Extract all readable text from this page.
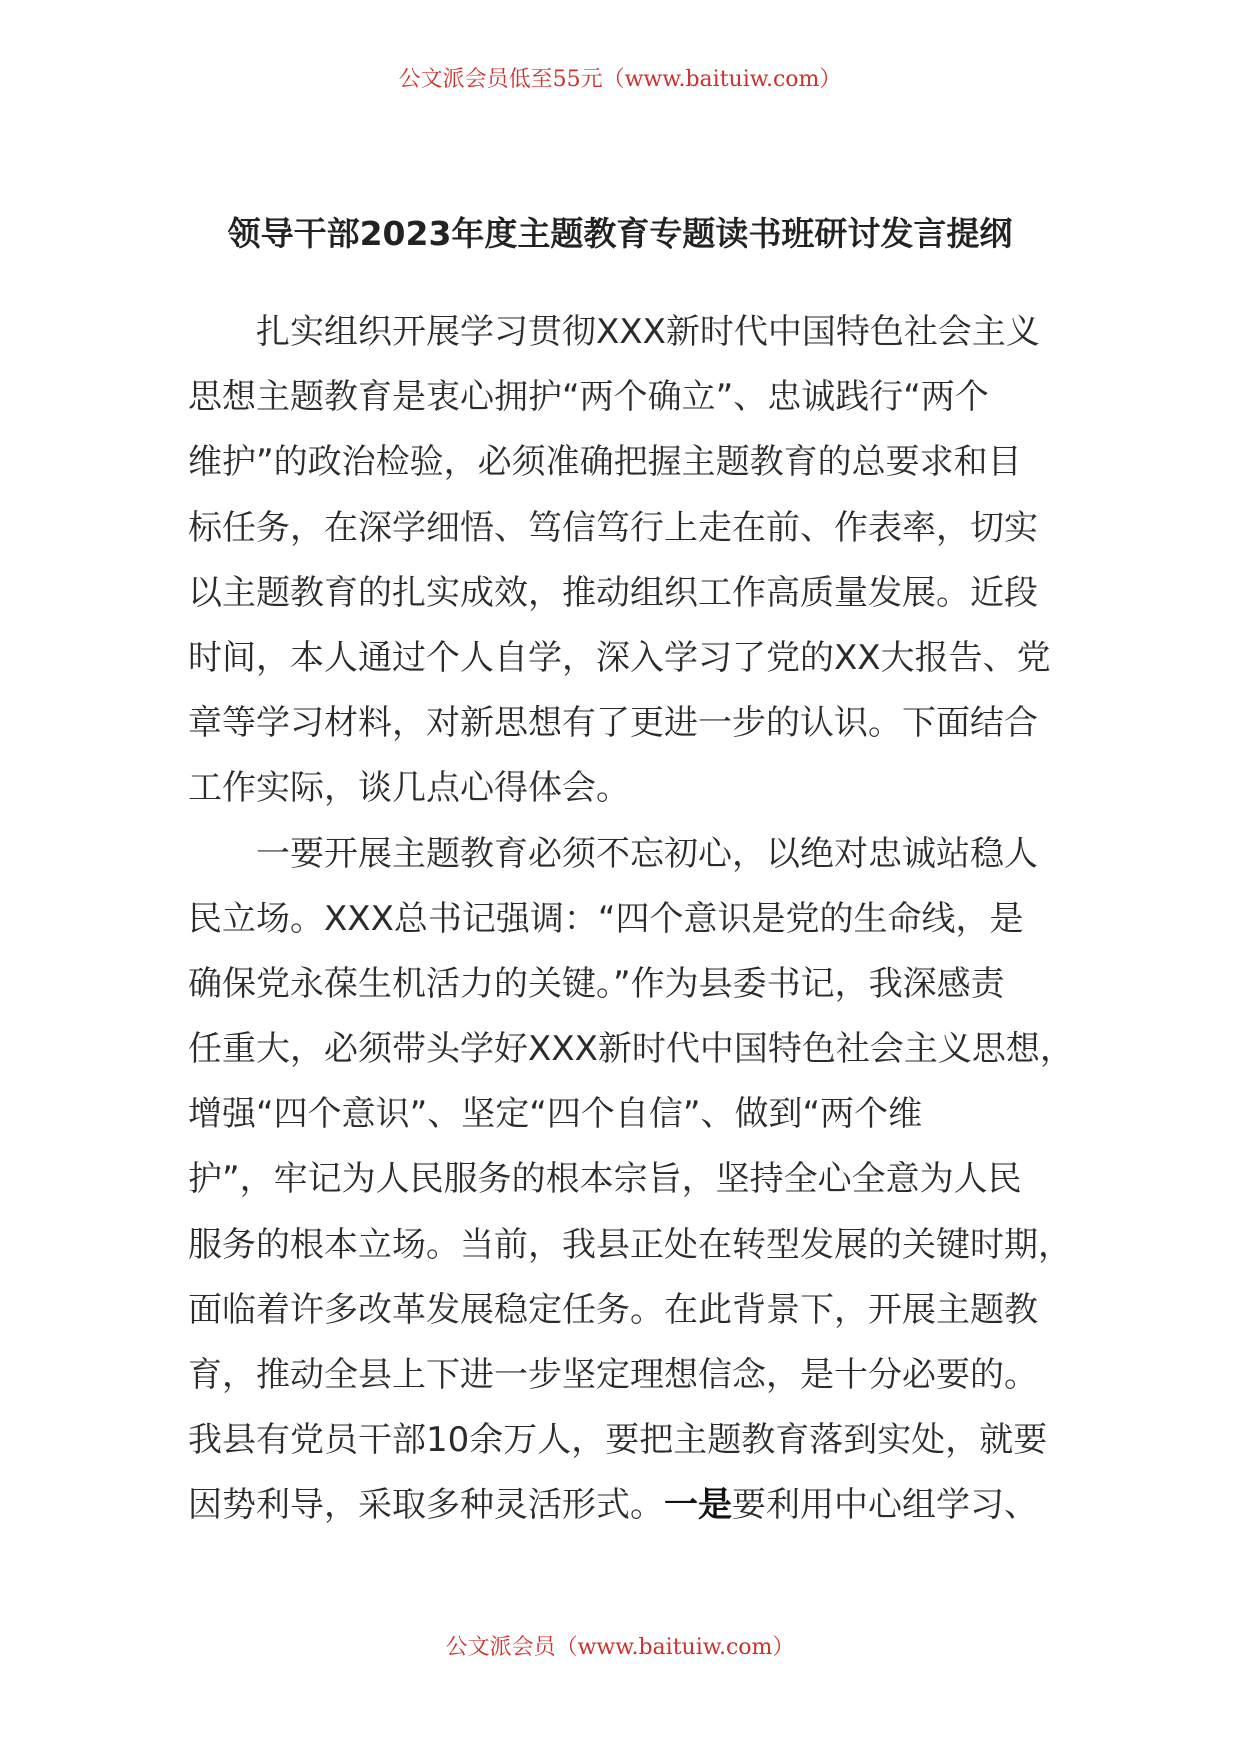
公文派会员低至55元（www.baituiw.com）
领导干部2023年度主题教育专题读书班研讨发言提纲
扎实组织开展学习贯彻XXX新时代中国特色社会主义
思想主题教育是衷心拥护“两个确立”、忠诚践行“两个
维护”的政治检验，必须准确把握主题教育的总要求和目
标任务，在深学细悟、笃信笃行上走在前、作表率，切实
以主题教育的扎实成效，推动组织工作高质量发展。近段
时间，本人通过个人自学，深入学习了党的XX大报告、党
章等学习材料，对新思想有了更进一步的认识。下面结合
工作实际，谈几点心得体会。
一要开展主题教育必须不忘初心，以绝对忠诚站稳人
民立场。XXX总书记强调：“四个意识是党的生命线，是
确保党永葆生机活力的关键。”作为县委书记，我深感责
任重大，必须带头学好XXX新时代中国特色社会主义思想，
增强“四个意识”、坚定“四个自信”、做到“两个维
护”，牢记为人民服务的根本宗旨，坚持全心全意为人民
服务的根本立场。当前，我县正处在转型发展的关键时期，
面临着许多改革发展稳定任务。在此背景下，开展主题教
育，推动全县上下进一步坚定理想信念，是十分必要的。
我县有党员干部10余万人，要把主题教育落到实处，就要
因势利导，采取多种灵活形式。一是要利用中心组学习、
公文派会员（www.baituiw.com）
